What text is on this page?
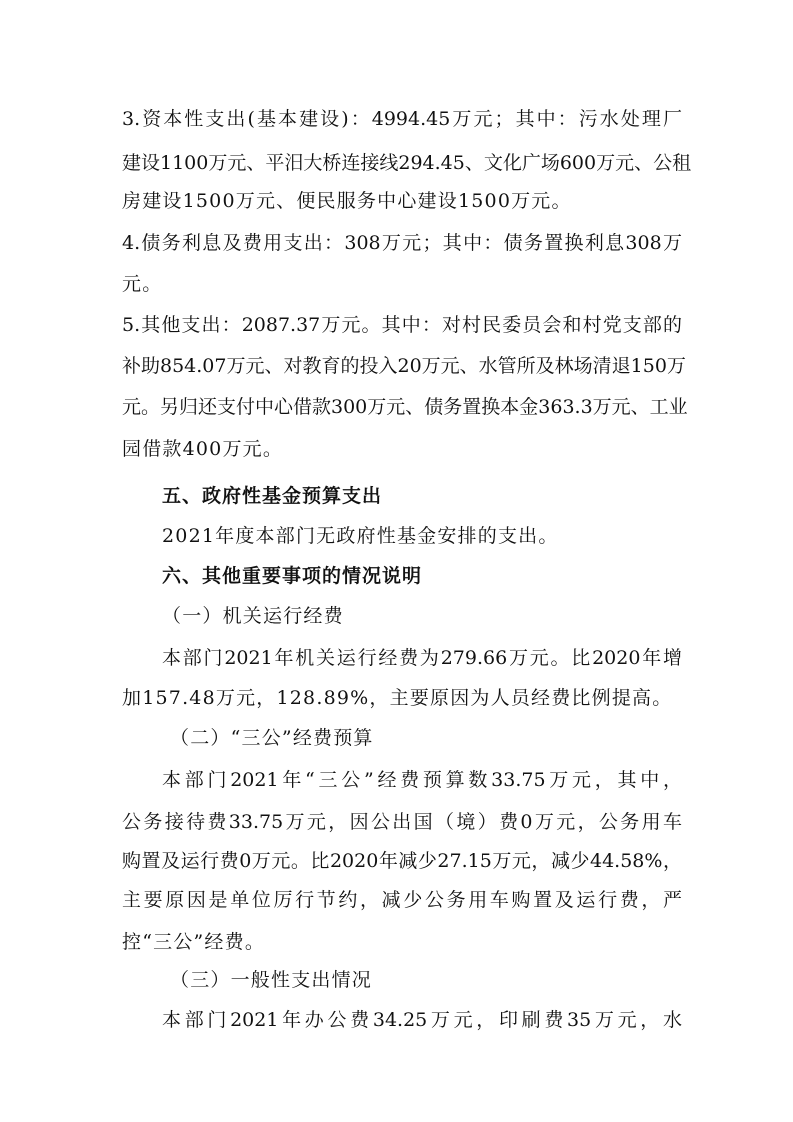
3.资本性支出(基本建设)：4994.45万元；其中：污水处理厂
建设1100万元、平汨大桥连接线294.45、文化广场600万元、公租
房建设1500万元、便民服务中心建设1500万元。
4.债务利息及费用支出：308万元；其中：债务置换利息308万
元。
5.其他支出：2087.37万元。其中：对村民委员会和村党支部的
补助854.07万元、对教育的投入20万元、水管所及林场清退150万
元。另归还支付中心借款300万元、债务置换本金363.3万元、工业
园借款400万元。
五、政府性基金预算支出
2021年度本部门无政府性基金安排的支出。
六、其他重要事项的情况说明
（一）机关运行经费
本部门2021年机关运行经费为279.66万元。比2020年增
加157.48万元，128.89%，主要原因为人员经费比例提高。
（二）“三公”经费预算
本部门2021年“三公”经费预算数33.75万元，其中，
公务接待费33.75万元，因公出国（境）费0万元，公务用车
购置及运行费0万元。比2020年减少27.15万元，减少44.58%，
主要原因是单位厉行节约，减少公务用车购置及运行费，严
控“三公”经费。
（三）一般性支出情况
本部门2021年办公费34.25万元，印刷费35万元，水
